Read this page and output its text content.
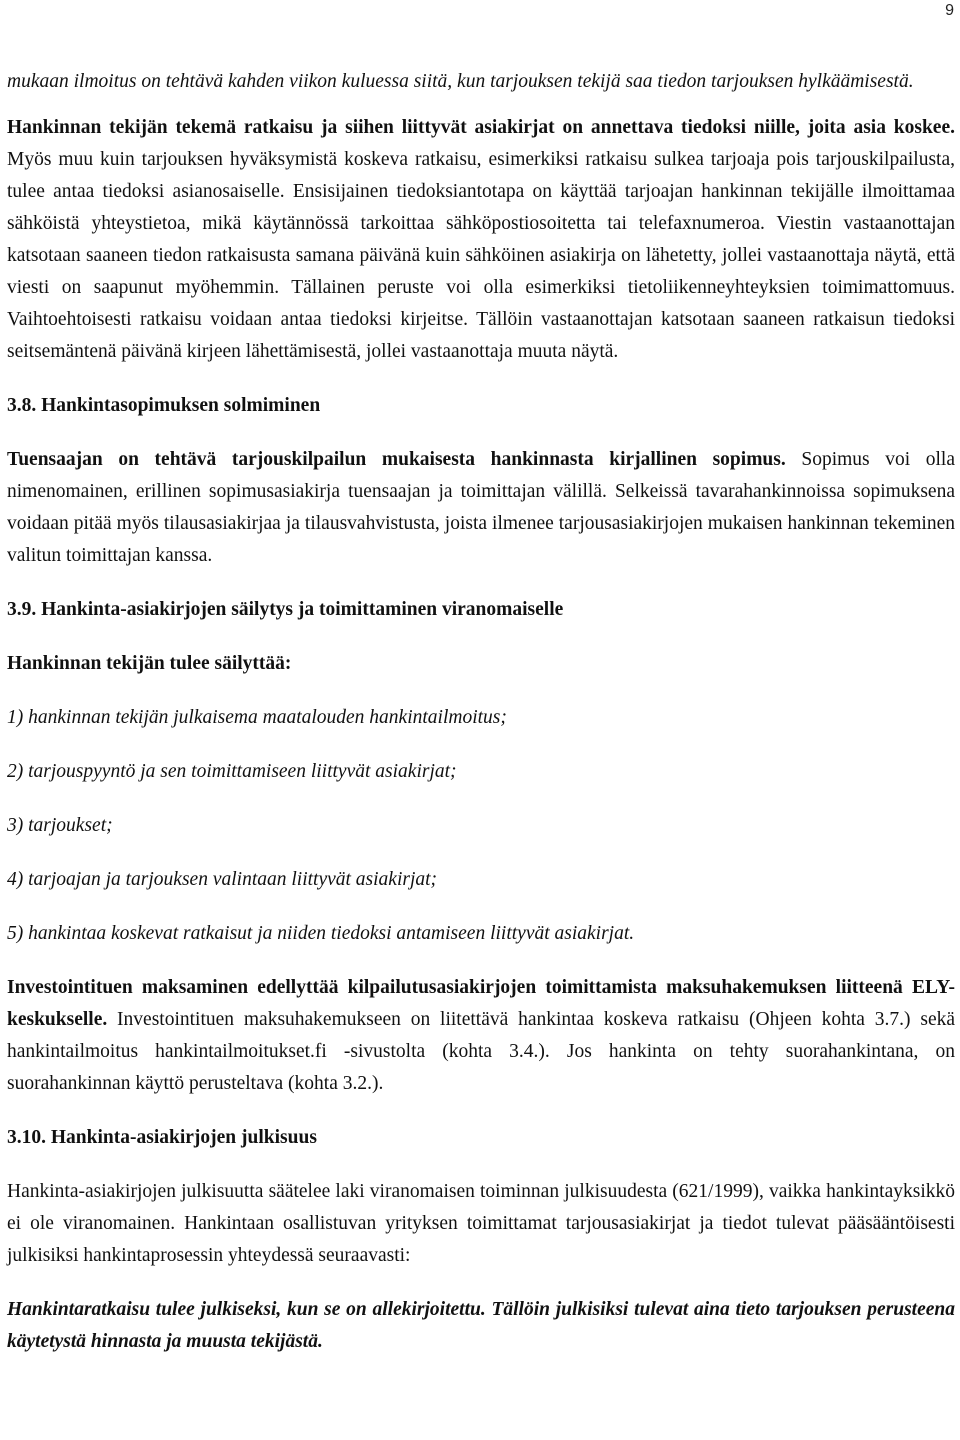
9

mukaan ilmoitus on tehtävä kahden viikon kuluessa siitä, kun tarjouksen tekijä saa tiedon tarjouksen hylkäämisestä.

Hankinnan tekijän tekemä ratkaisu ja siihen liittyvät asiakirjat on annettava tiedoksi niille, joita asia koskee. Myös muu kuin tarjouksen hyväksymistä koskeva ratkaisu, esimerkiksi ratkaisu sulkea tarjoaja pois tarjouskilpailusta, tulee antaa tiedoksi asianosaiselle. Ensisijainen tiedoksiantotapa on käyttää tarjoajan hankinnan tekijälle ilmoittamaa sähköistä yhteystietoa, mikä käytännössä tarkoittaa sähköpostiosoitetta tai telefaxnumeroa. Viestin vastaanottajan katsotaan saaneen tiedon ratkaisusta samana päivänä kuin sähköinen asiakirja on lähetetty, jollei vastaanottaja näytä, että viesti on saapunut myöhemmin. Tällainen peruste voi olla esimerkiksi tietoliikenneyhteyksien toimimattomuus. Vaihtoehtoisesti ratkaisu voidaan antaa tiedoksi kirjeitse. Tällöin vastaanottajan katsotaan saaneen ratkaisun tiedoksi seitsemäntenä päivänä kirjeen lähettämisestä, jollei vastaanottaja muuta näytä.

3.8. Hankintasopimuksen solmiminen

Tuensaajan on tehtävä tarjouskilpailun mukaisesta hankinnasta kirjallinen sopimus. Sopimus voi olla nimenomainen, erillinen sopimusasiakirja tuensaajan ja toimittajan välillä. Selkeissä tavarahankinnoissa sopimuksena voidaan pitää myös tilausasiakirjaa ja tilausvahvistusta, joista ilmenee tarjousasiakirjojen mukaisen hankinnan tekeminen valitun toimittajan kanssa.

3.9. Hankinta-asiakirjojen säilytys ja toimittaminen viranomaiselle

Hankinnan tekijän tulee säilyttää:

1) hankinnan tekijän julkaisema maatalouden hankintailmoitus;

2) tarjouspyyntö ja sen toimittamiseen liittyvät asiakirjat;

3) tarjoukset;

4) tarjoajan ja tarjouksen valintaan liittyvät asiakirjat;

5) hankintaa koskevat ratkaisut ja niiden tiedoksi antamiseen liittyvät asiakirjat.

Investointituen maksaminen edellyttää kilpailutusasiakirjojen toimittamista maksuhakemuksen liitteenä ELY-keskukselle. Investointituen maksuhakemukseen on liitettävä hankintaa koskeva ratkaisu (Ohjeen kohta 3.7.) sekä hankintailmoitus hankintailmoitukset.fi -sivustolta (kohta 3.4.). Jos hankinta on tehty suorahankintana, on suorahankinnan käyttö perusteltava (kohta 3.2.).

3.10. Hankinta-asiakirjojen julkisuus

Hankinta-asiakirjojen julkisuutta säätelee laki viranomaisen toiminnan julkisuudesta (621/1999), vaikka hankintayksikkö ei ole viranomainen. Hankintaan osallistuvan yrityksen toimittamat tarjousasiakirjat ja tiedot tulevat pääsääntöisesti julkisiksi hankintaprosessin yhteydessä seuraavasti:

Hankintaratkaisu tulee julkiseksi, kun se on allekirjoitettu. Tällöin julkisiksi tulevat aina tieto tarjouksen perusteena käytetystä hinnasta ja muusta tekijästä.
